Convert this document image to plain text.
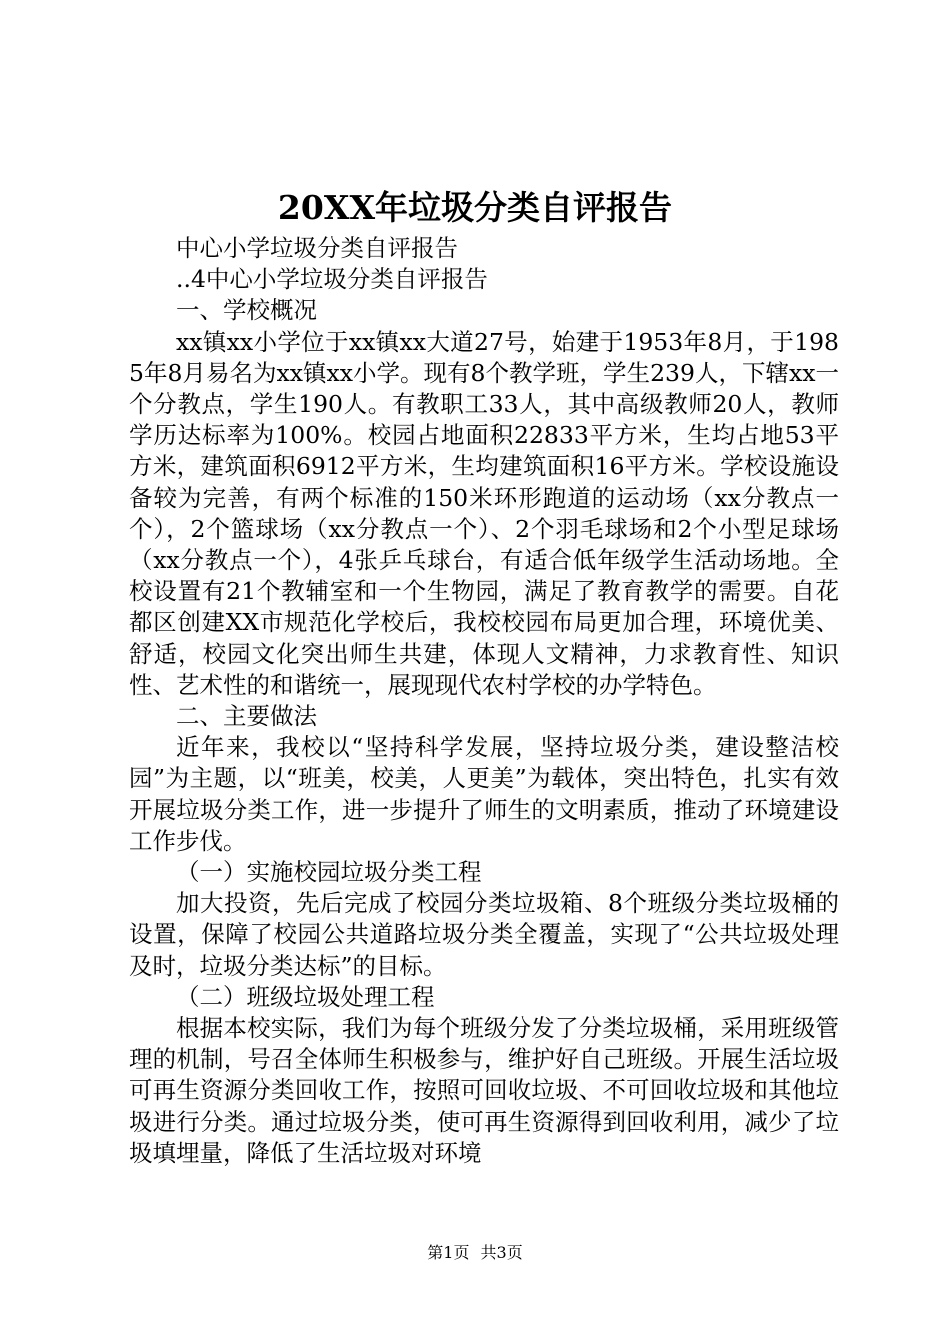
20XX年垃圾分类自评报告

中心小学垃圾分类自评报告

..4中心小学垃圾分类自评报告

一、学校概况

xx镇xx小学位于xx镇xx大道27号，始建于1953年8月，于1985年8月易名为xx镇xx小学。现有8个教学班，学生239人，下辖xx一个分教点，学生190人。有教职工33人，其中高级教师20人，教师学历达标率为100%。校园占地面积22833平方米，生均占地53平方米，建筑面积6912平方米，生均建筑面积16平方米。学校设施设备较为完善，有两个标准的150米环形跑道的运动场（xx分教点一个），2个篮球场（xx分教点一个）、2个羽毛球场和2个小型足球场（xx分教点一个），4张乒乓球台，有适合低年级学生活动场地。全校设置有21个教辅室和一个生物园，满足了教育教学的需要。自花都区创建XX市规范化学校后，我校校园布局更加合理，环境优美、舒适，校园文化突出师生共建，体现人文精神，力求教育性、知识性、艺术性的和谐统一，展现现代农村学校的办学特色。

二、主要做法

近年来，我校以“坚持科学发展，坚持垃圾分类，建设整洁校园”为主题，以“班美，校美，人更美”为载体，突出特色，扎实有效开展垃圾分类工作，进一步提升了师生的文明素质，推动了环境建设工作步伐。

（一）实施校园垃圾分类工程

加大投资，先后完成了校园分类垃圾箱、8个班级分类垃圾桶的设置，保障了校园公共道路垃圾分类全覆盖，实现了“公共垃圾处理及时，垃圾分类达标”的目标。

（二）班级垃圾处理工程

根据本校实际，我们为每个班级分发了分类垃圾桶，采用班级管理的机制，号召全体师生积极参与，维护好自己班级。开展生活垃圾可再生资源分类回收工作，按照可回收垃圾、不可回收垃圾和其他垃圾进行分类。通过垃圾分类，使可再生资源得到回收利用，减少了垃圾填埋量，降低了生活垃圾对环境

第1页 共3页
